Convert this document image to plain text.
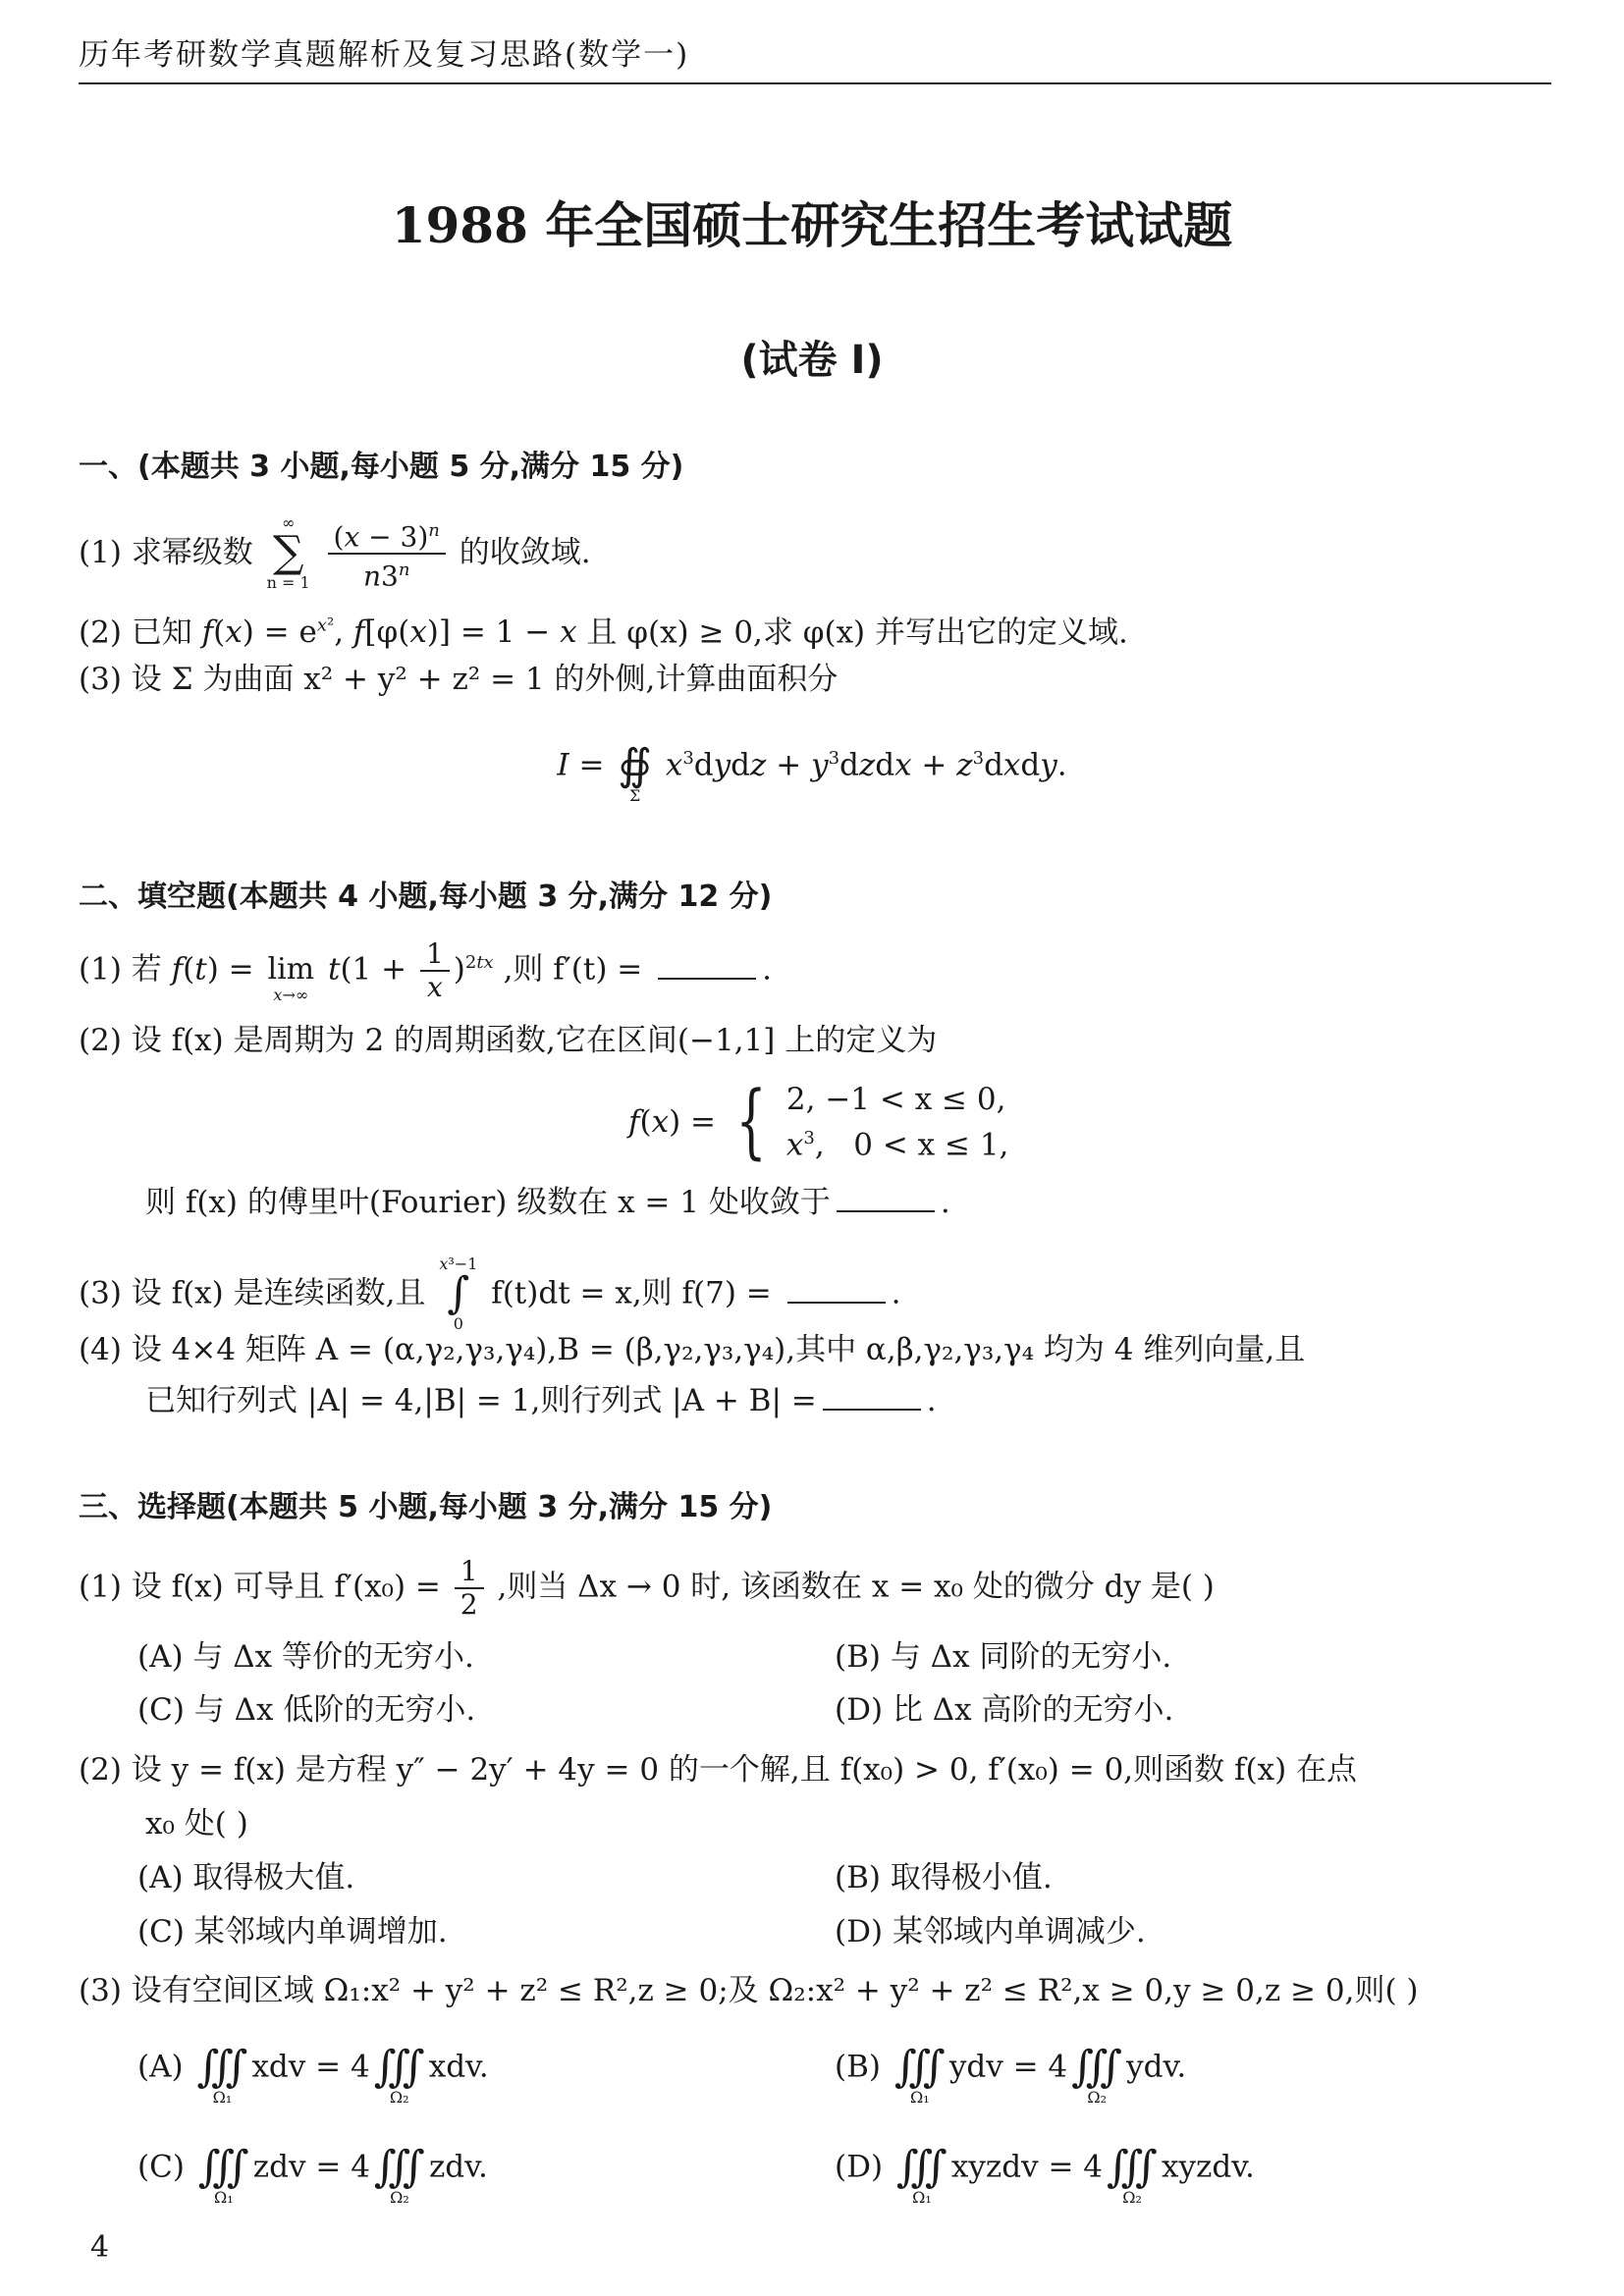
历年考研数学真题解析及复习思路(数学一)
1988 年全国硕士研究生招生考试试题
(试卷 Ⅰ)
一、(本题共 3 小题,每小题 5 分,满分 15 分)
(1) 求幂级数
∞
∑
n = 1
$\frac{(x - 3)^n}{n3^n}$ 的收敛域.
(2) 已知 $f(x) = e^{x^2}$, f[φ(x)] = 1 − x 且 φ(x) ≥ 0,求 φ(x) 并写出它的定义域.
(3) 设 Σ 为曲面 x² + y² + z² = 1 的外侧,计算曲面积分
I =
∯
Σ
$x^3dydz$ + $y^3dzdx$ + $z^3dxdy$.
二、填空题(本题共 4 小题,每小题 3 分,满分 12 分)
(1) 若 f(t) =
lim
x→∞
$t(1 + \frac{1}{x} )^{2tx}$ ,则 f′(t) =	.
(2) 设 f(x) 是周期为 2 的周期函数,它在区间(−1,1] 上的定义为
f(x) = { 2, −1 < x ≤ 0,
$x^3$,   0 < x ≤ 1,
则 f(x) 的傅里叶(Fourier) 级数在 x = 1 处收敛于	.
(3) 设 f(x) 是连续函数,且
x³−1
∫
0
f(t)dt = x,则 f(7) =	.
(4) 设 4×4 矩阵 A = (α,γ₂,γ₃,γ₄),B = (β,γ₂,γ₃,γ₄),其中 α,β,γ₂,γ₃,γ₄ 均为 4 维列向量,且
已知行列式 |A| = 4,|B| = 1,则行列式 |A + B| =	.
三、选择题(本题共 5 小题,每小题 3 分,满分 15 分)
(1) 设 f(x) 可导且 $f'(x_0) = \frac{1}{2}$ ,则当 Δx → 0 时, 该函数在 x = x₀ 处的微分 dy 是( )
(A) 与 Δx 等价的无穷小.	(B) 与 Δx 同阶的无穷小.
(C) 与 Δx 低阶的无穷小.	(D) 比 Δx 高阶的无穷小.
(2) 设 y = f(x) 是方程 y″ − 2y′ + 4y = 0 的一个解,且 f(x₀) > 0, f′(x₀) = 0,则函数 f(x) 在点
x₀ 处( )
(A) 取得极大值.	(B) 取得极小值.
(C) 某邻域内单调增加.	(D) 某邻域内单调减少.
(3) 设有空间区域 Ω₁:x² + y² + z² ≤ R²,z ≥ 0;及 Ω₂:x² + y² + z² ≤ R²,x ≥ 0,y ≥ 0,z ≥ 0,则( )
(A)
∭
Ω₁
xdv = 4
∭
Ω₂
xdv.	(B)
∭
Ω₁
ydv = 4
∭
Ω₂
ydv.
(C)
∭
Ω₁
zdv = 4
∭
Ω₂
zdv.	(D)
∭
Ω₁
xyzdv = 4
∭
Ω₂
xyzdv.
4
